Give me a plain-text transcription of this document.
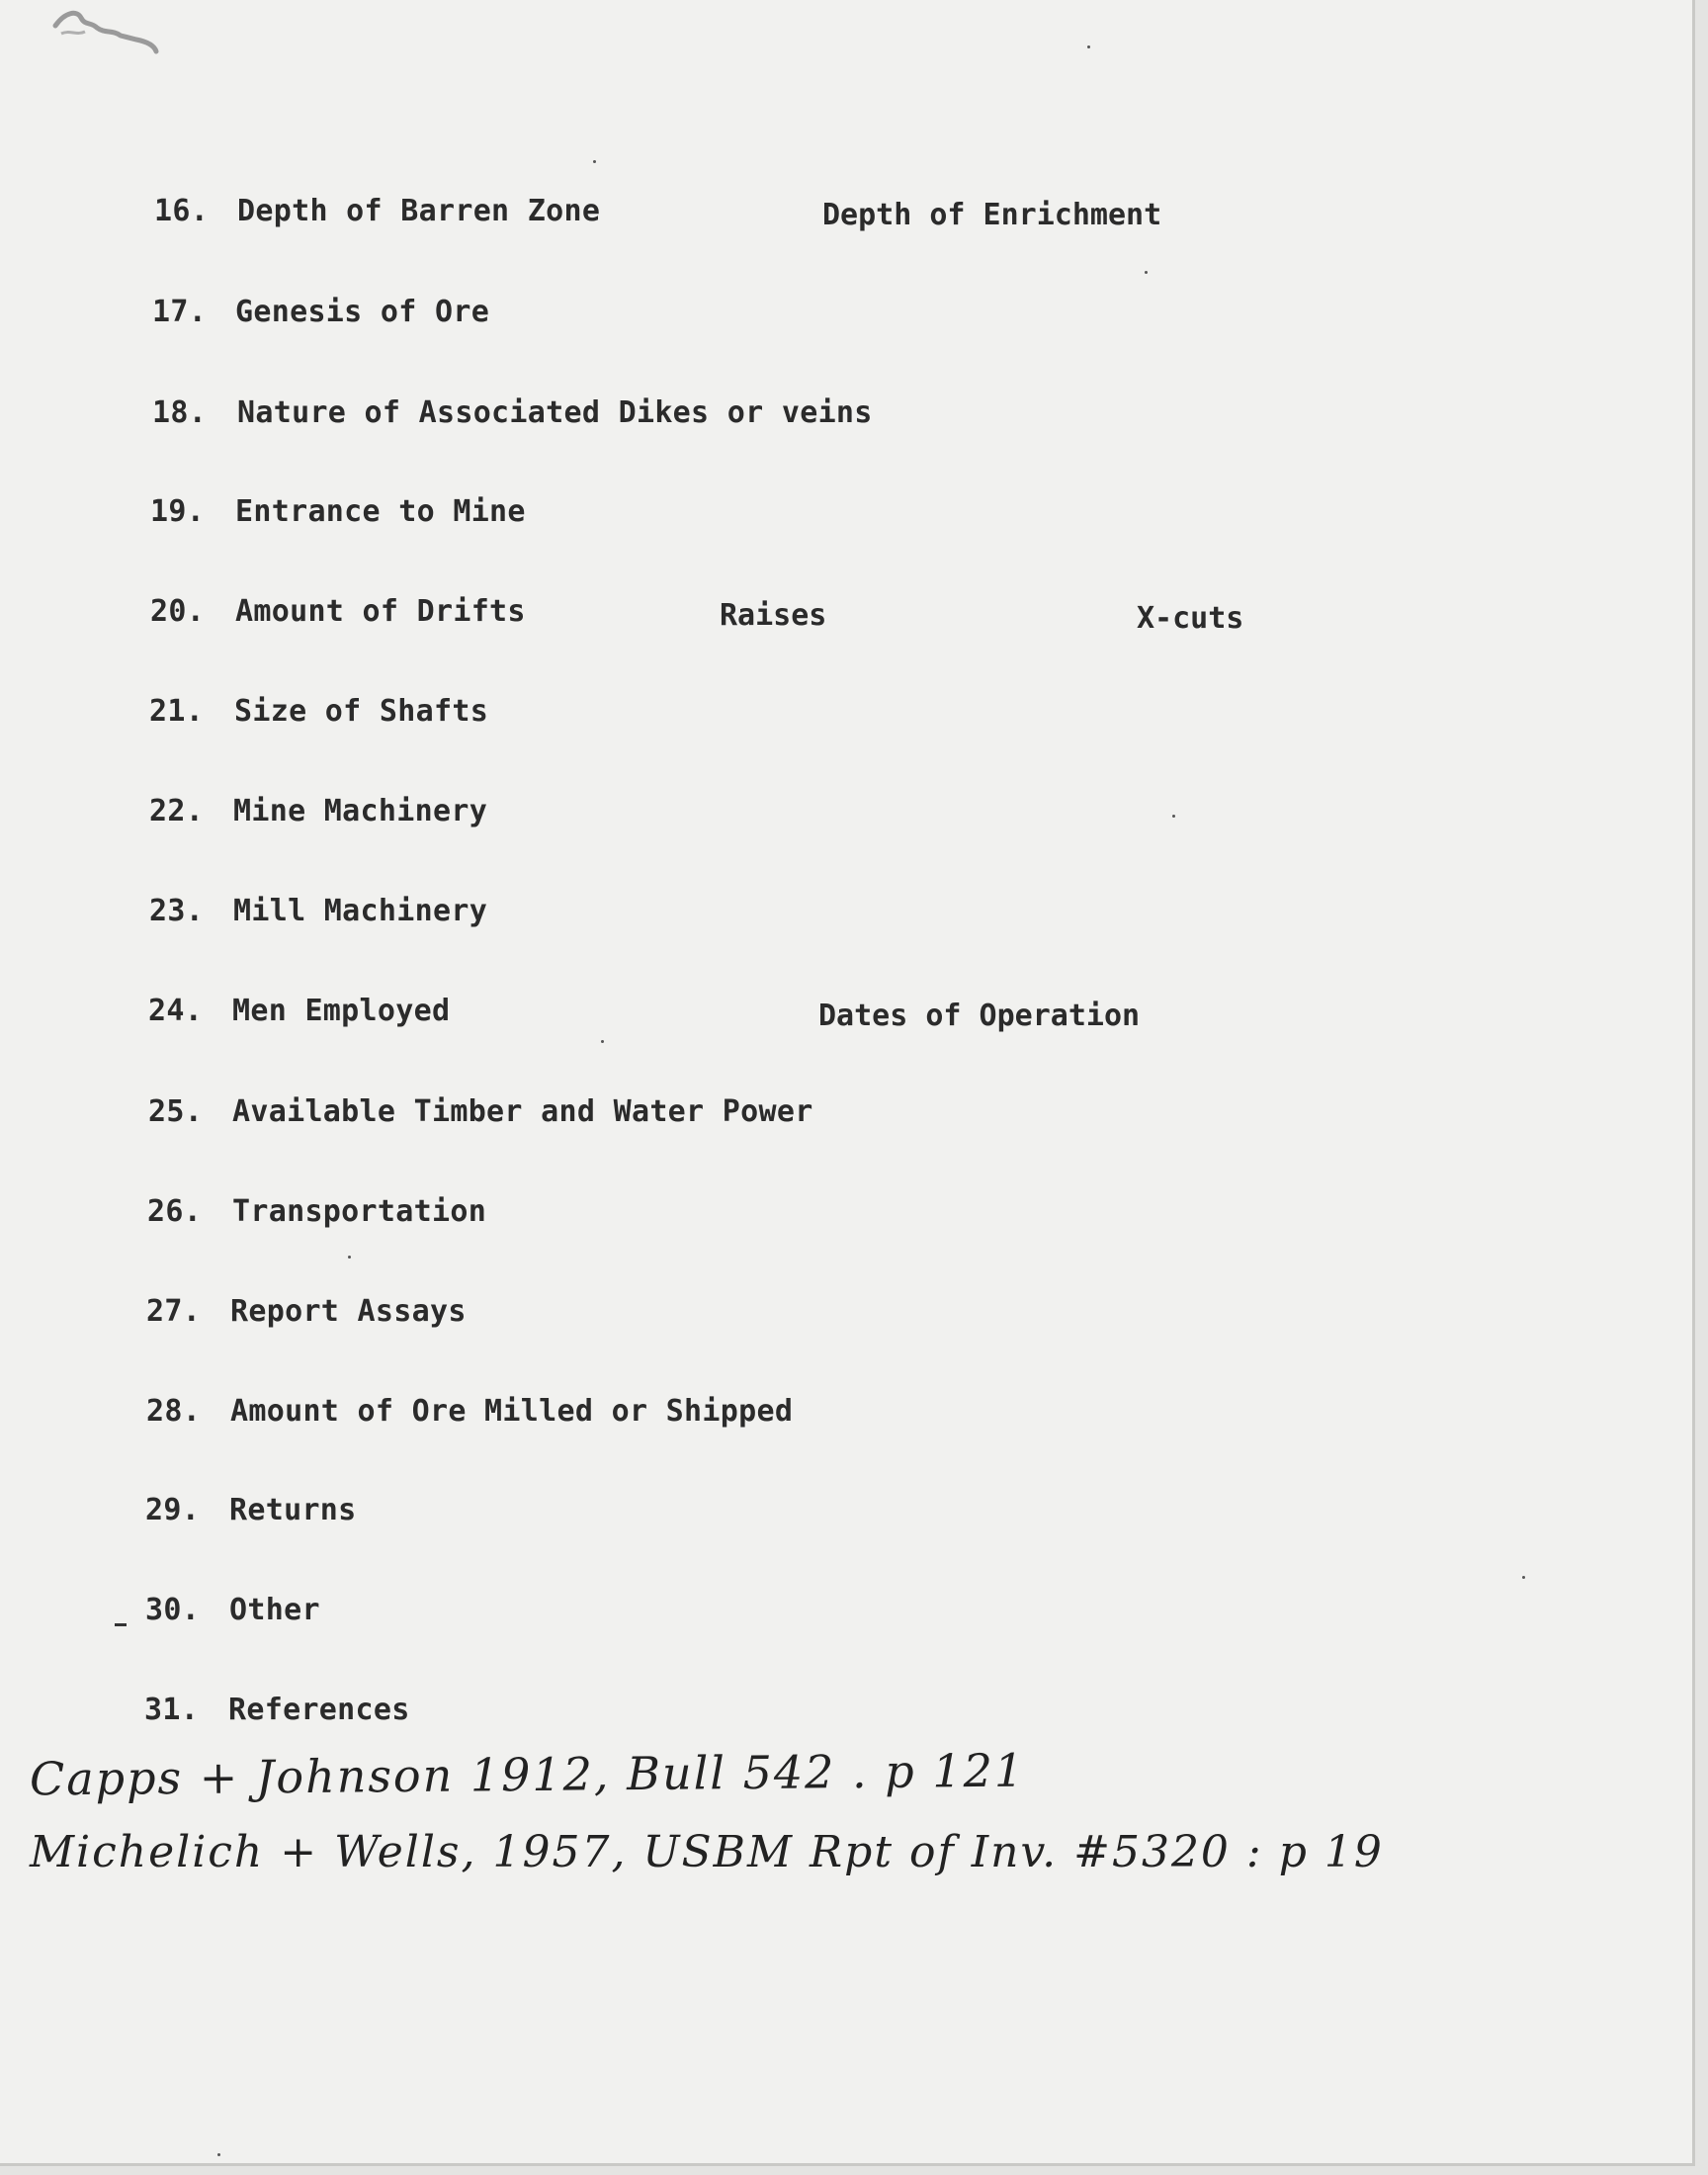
16. Depth of Barren Zone	Depth of Enrichment
17. Genesis of Ore
18. Nature of Associated Dikes or veins
19. Entrance to Mine
20. Amount of Drifts	Raises	X-cuts
21. Size of Shafts
22. Mine Machinery
23. Mill Machinery
24. Men Employed	Dates of Operation
25. Available Timber and Water Power
26. Transportation
27. Report Assays
28. Amount of Ore Milled or Shipped
29. Returns
30. Other
31. References
Capps + Johnson 1912, Bull 542 . p 121
Michelich + Wells, 1957, USBM Rpt of Inv. #5320 : p 19
